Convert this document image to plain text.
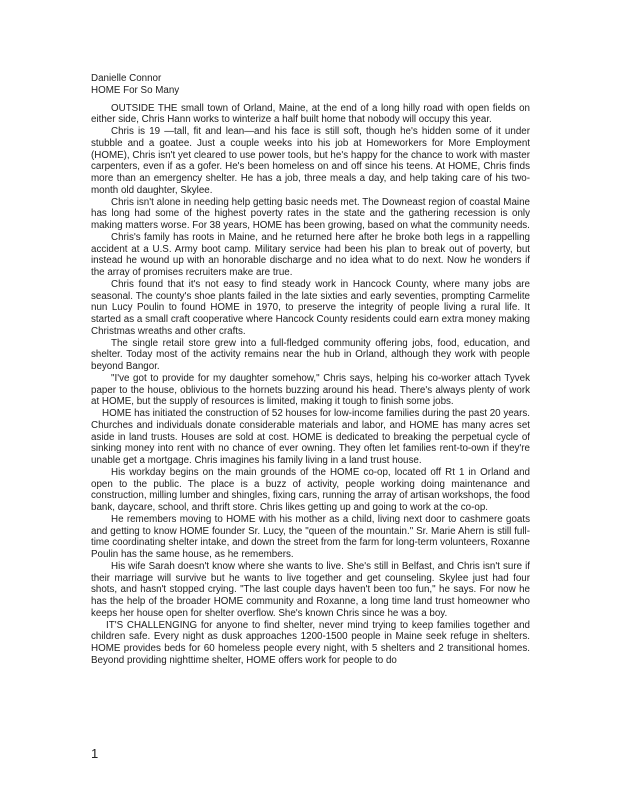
Danielle Connor
HOME For So Many

OUTSIDE THE small town of Orland, Maine, at the end of a long hilly road with open fields on either side, Chris Hann works to winterize a half built home that nobody will occupy this year.

Chris is 19 —tall, fit and lean—and his face is still soft, though he's hidden some of it under stubble and a goatee. Just a couple weeks into his job at Homeworkers for More Employment (HOME), Chris isn't yet cleared to use power tools, but he's happy for the chance to work with master carpenters, even if as a gofer. He's been homeless on and off since his teens. At HOME, Chris finds more than an emergency shelter. He has a job, three meals a day, and help taking care of his two-month old daughter, Skylee.

Chris isn't alone in needing help getting basic needs met. The Downeast region of coastal Maine has long had some of the highest poverty rates in the state and the gathering recession is only making matters worse. For 38 years, HOME has been growing, based on what the community needs.

Chris's family has roots in Maine, and he returned here after he broke both legs in a rappelling accident at a U.S. Army boot camp. Military service had been his plan to break out of poverty, but instead he wound up with an honorable discharge and no idea what to do next. Now he wonders if the array of promises recruiters make are true.

Chris found that it's not easy to find steady work in Hancock County, where many jobs are seasonal. The county's shoe plants failed in the late sixties and early seventies, prompting Carmelite nun Lucy Poulin to found HOME in 1970, to preserve the integrity of people living a rural life. It started as a small craft cooperative where Hancock County residents could earn extra money making Christmas wreaths and other crafts.

The single retail store grew into a full-fledged community offering jobs, food, education, and shelter. Today most of the activity remains near the hub in Orland, although they work with people beyond Bangor.

"I've got to provide for my daughter somehow," Chris says, helping his co-worker attach Tyvek paper to the house, oblivious to the hornets buzzing around his head. There's always plenty of work at HOME, but the supply of resources is limited, making it tough to finish some jobs.

HOME has initiated the construction of 52 houses for low-income families during the past 20 years. Churches and individuals donate considerable materials and labor, and HOME has many acres set aside in land trusts. Houses are sold at cost. HOME is dedicated to breaking the perpetual cycle of sinking money into rent with no chance of ever owning. They often let families rent-to-own if they're unable get a mortgage. Chris imagines his family living in a land trust house.

His workday begins on the main grounds of the HOME co-op, located off Rt 1 in Orland and open to the public. The place is a buzz of activity, people working doing maintenance and construction, milling lumber and shingles, fixing cars, running the array of artisan workshops, the food bank, daycare, school, and thrift store. Chris likes getting up and going to work at the co-op.

He remembers moving to HOME with his mother as a child, living next door to cashmere goats and getting to know HOME founder Sr. Lucy, the "queen of the mountain." Sr. Marie Ahern is still full-time coordinating shelter intake, and down the street from the farm for long-term volunteers, Roxanne Poulin has the same house, as he remembers.

His wife Sarah doesn't know where she wants to live. She's still in Belfast, and Chris isn't sure if their marriage will survive but he wants to live together and get counseling. Skylee just had four shots, and hasn't stopped crying. "The last couple days haven't been too fun," he says. For now he has the help of the broader HOME community and Roxanne, a long time land trust homeowner who keeps her house open for shelter overflow. She's known Chris since he was a boy.

IT'S CHALLENGING for anyone to find shelter, never mind trying to keep families together and children safe. Every night as dusk approaches 1200-1500 people in Maine seek refuge in shelters. HOME provides beds for 60 homeless people every night, with 5 shelters and 2 transitional homes. Beyond providing nighttime shelter, HOME offers work for people to do

1
